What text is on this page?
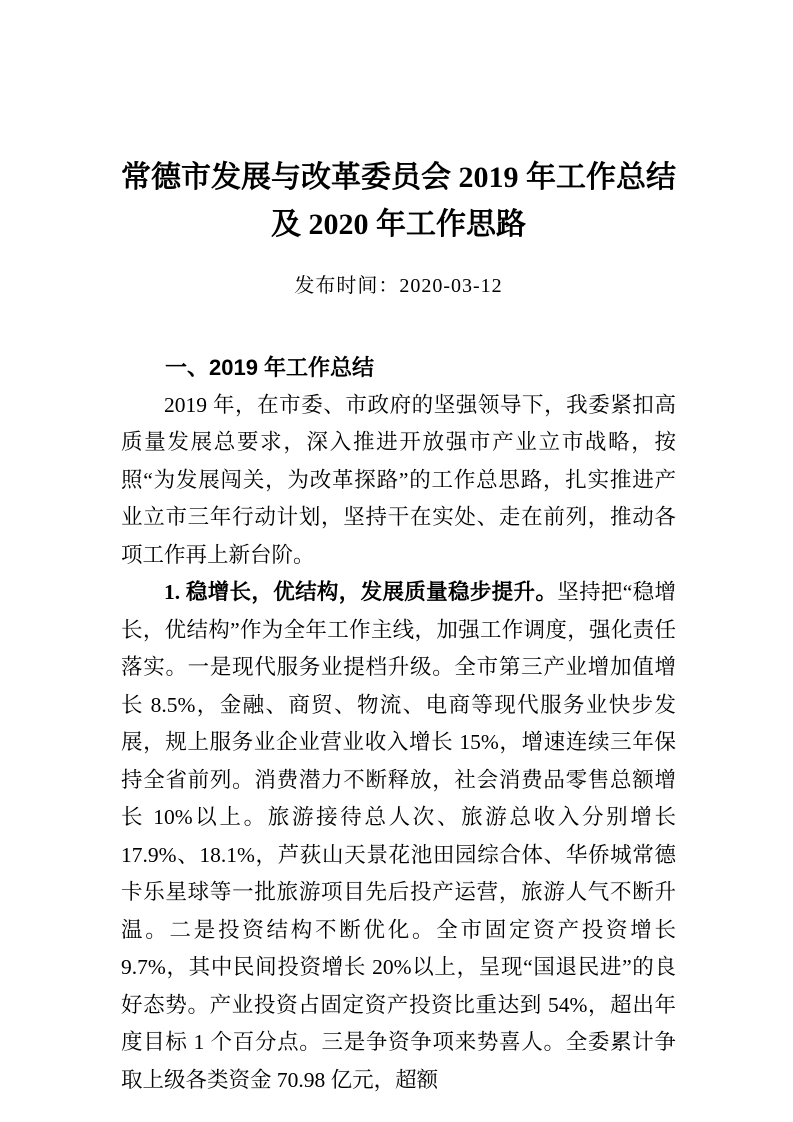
常德市发展与改革委员会 2019 年工作总结
及 2020 年工作思路
发布时间：2020-03-12
一、2019 年工作总结

2019 年，在市委、市政府的坚强领导下，我委紧扣高质量发展总要求，深入推进开放强市产业立市战略，按照“为发展闯关，为改革探路”的工作总思路，扎实推进产业立市三年行动计划，坚持干在实处、走在前列，推动各项工作再上新台阶。

1. 稳增长，优结构，发展质量稳步提升。坚持把“稳增长，优结构”作为全年工作主线，加强工作调度，强化责任落实。一是现代服务业提档升级。全市第三产业增加值增长 8.5%，金融、商贸、物流、电商等现代服务业快步发展，规上服务业企业营业收入增长 15%，增速连续三年保持全省前列。消费潜力不断释放，社会消费品零售总额增长 10%以上。旅游接待总人次、旅游总收入分别增长 17.9%、18.1%，芦荻山天景花池田园综合体、华侨城常德卡乐星球等一批旅游项目先后投产运营，旅游人气不断升温。二是投资结构不断优化。全市固定资产投资增长 9.7%，其中民间投资增长 20%以上，呈现“国退民进”的良好态势。产业投资占固定资产投资比重达到 54%，超出年度目标 1 个百分点。三是争资争项来势喜人。全委累计争取上级各类资金 70.98 亿元，超额
